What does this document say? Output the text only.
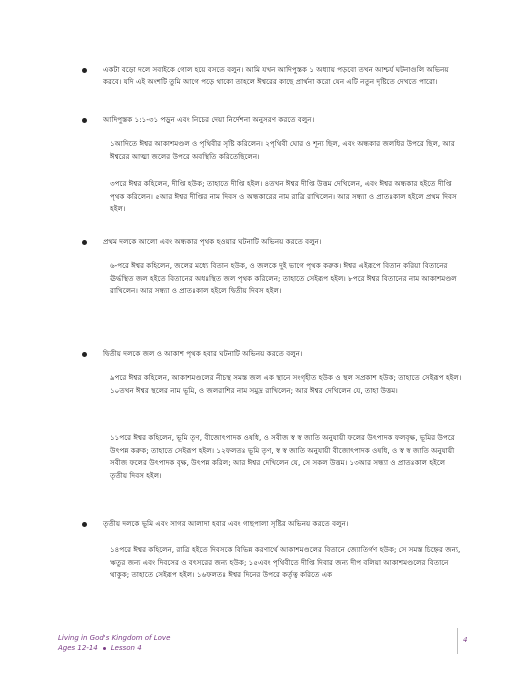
একটা বড়ো দলে সবাইকে গোল হয়ে বসতে বলুন। আমি যখন আদিপুস্তক ১ অধ্যায় পড়বো তখন আশ্চর্য ঘটনাগুলি অভিনয় করবে। যদি এই অংশটি তুমি আগে পড়ে থাকো তাহলে ঈশ্বরের কাছে প্রার্থনা করো যেন এটি নতুন দৃষ্টিতে দেখতে পারো।
আদিপুস্তক ১:১-৩১ পড়ুন এবং নিচের দেয়া নির্দেশনা অনুসরণ করতে বলুন।
১আদিতে ঈশ্বর আকাশমণ্ডল ও পৃথিবীর সৃষ্টি করিলেন। ২পৃথিবী ঘোর ও শূন্য ছিল, এবং অন্ধকার জলধির উপরে ছিল, আর ঈশ্বরের আত্মা জলের উপরে অবস্থিতি করিতেছিলেন।
৩পরে ঈশ্বর কহিলেন, দীপ্তি হউক; তাহাতে দীপ্তি হইল। ৪তখন ঈশ্বর দীপ্তি উত্তম দেখিলেন, এবং ঈশ্বর অন্ধকার হইতে দীপ্তি পৃথক করিলেন। ৫আর ঈশ্বর দীপ্তির নাম দিবস ও অন্ধকারের নাম রাত্রি রাখিলেন। আর সন্ধ্যা ও প্রাতঃকাল হইলে প্রথম দিবস হইল।
প্রথম দলকে আলো এবং অন্ধকার পৃথক হওয়ার ঘটনাটি অভিনয় করতে বলুন।
৬-পরে ঈশ্বর কহিলেন, জলের মধ্যে বিতান হউক, ও জলকে দুই ভাগে পৃথক করুক। ঈশ্বর এইরূপে বিতান করিয়া বিতানের ঊর্দ্ধস্থিত জল হইতে বিতানের অধঃস্থিত জল পৃথক করিলেন; তাহাতে সেইরূপ হইল। ৮পরে ঈশ্বর বিতানের নাম আকাশমণ্ডল রাখিলেন। আর সন্ধ্যা ও প্রাতঃকাল হইলে দ্বিতীয় দিবস হইল।
দ্বিতীয় দলকে জল ও আকাশ পৃথক হবার ঘটনাটি অভিনয় করতে বলুন।
৯পরে ঈশ্বর কহিলেন, আকাশমণ্ডলের নীচস্থ সমস্ত জল এক স্থানে সংগৃহীত হউক ও স্থল সপ্রকাশ হউক; তাহাতে সেইরূপ হইল। ১০তখন ঈশ্বর স্থলের নাম ভূমি, ও জলরাশির নাম সমুদ্র রাখিলেন; আর ঈশ্বর দেখিলেন যে, তাহা উত্তম।
১১পরে ঈশ্বর কহিলেন, ভূমি তৃণ, বীজোৎপাদক ওষধি, ও সবীজ স্ব স্ব জাতি অনুযায়ী ফলের উৎপাদক ফলবৃক্ষ, ভূমির উপরে উৎপন্ন করুক; তাহাতে সেইরূপ হইল। ১২ফলতঃ ভূমি তৃণ, স্ব স্ব জাতি অনুযায়ী বীজোৎপাদক ওষধি, ও স্ব স্ব জাতি অনুযায়ী সবীজ ফলের উৎপাদক বৃক্ষ, উৎপন্ন করিল; আর ঈশ্বর দেখিলেন যে, সে সকল উত্তম। ১৩আর সন্ধ্যা ও প্রাতঃকাল হইলে তৃতীয় দিবস হইল।
তৃতীয় দলকে ভূমি এবং সাগর আলাদা হবার এবং গাছপালা সৃষ্টির অভিনয় করতে বলুন।
১৪পরে ঈশ্বর কহিলেন, রাত্রি হইতে দিবসকে বিভিন্ন করণার্থে আকাশমণ্ডলের বিতানে জ্যোতির্গণ হউক; সে সমস্ত চিহ্নের জন্য, ঋতুর জন্য এবং দিবসের ও বৎসরের জন্য হউক; ১৫এবং পৃথিবীতে দীপ্তি দিবার জন্য দীপ বলিয়া আকাশমণ্ডলের বিতানে থাকুক; তাহাতে সেইরূপ হইল। ১৬ফলতঃ ঈশ্বর দিনের উপরে কর্তৃত্ব করিতে এক
Living in God's Kingdom of Love
Ages 12-14 Lesson 4
4
